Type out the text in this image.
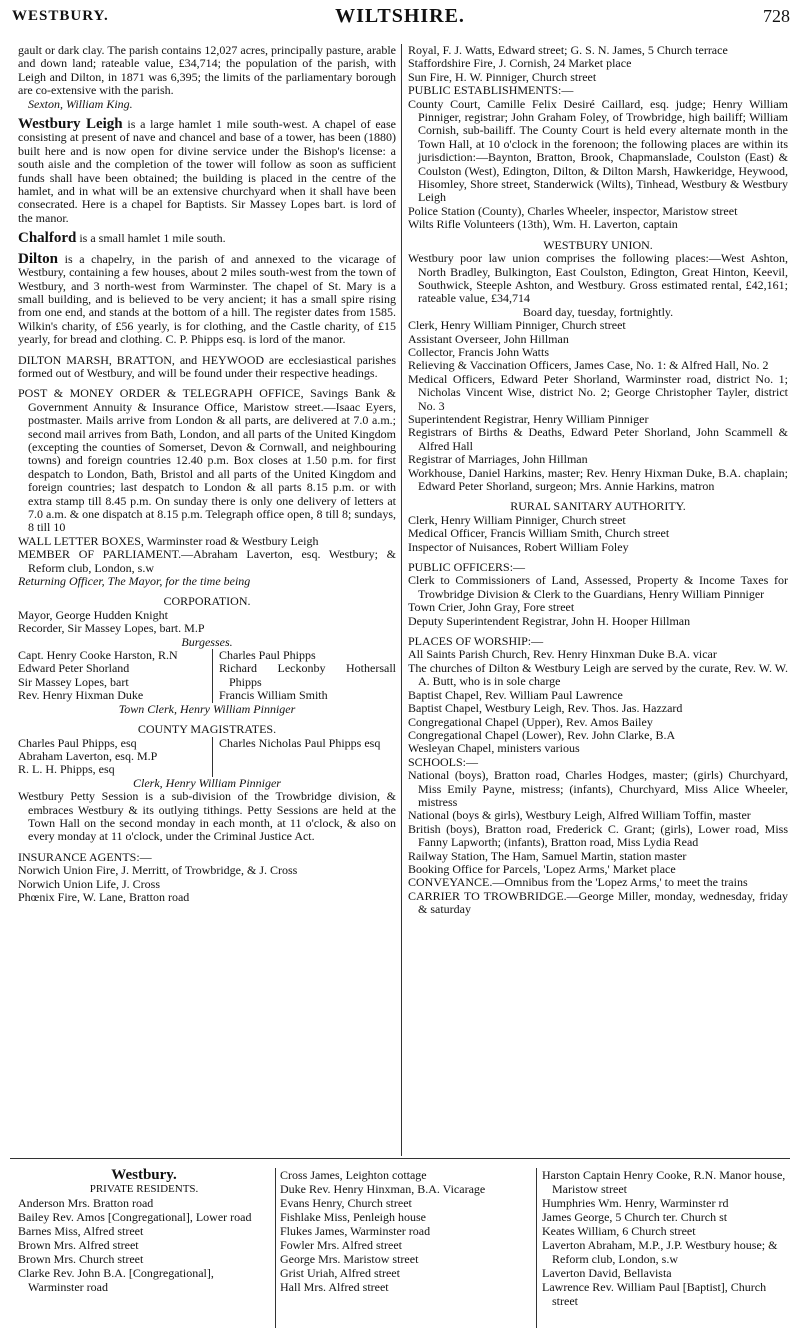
WESTBURY.	WILTSHIRE.	728

gault or dark clay. The parish contains 12,027 acres, principally pasture, arable and down land; rateable value, £34,714; the population of the parish, with Leigh and Dilton, in 1871 was 6,395; the limits of the parliamentary borough are co-extensive with the parish.

Sexton, William King.

Westbury Leigh is a large hamlet 1 mile south-west. A chapel of ease consisting at present of nave and chancel and base of a tower, has been (1880) built here and is now open for divine service under the Bishop's license: a south aisle and the completion of the tower will follow as soon as sufficient funds shall have been obtained; the building is placed in the centre of the hamlet, and in what will be an extensive churchyard when it shall have been consecrated. Here is a chapel for Baptists. Sir Massey Lopes bart. is lord of the manor.

Chalford is a small hamlet 1 mile south.

Dilton is a chapelry, in the parish of and annexed to the vicarage of Westbury, containing a few houses, about 2 miles south-west from the town of Westbury, and 3 north-west from Warminster. The chapel of St. Mary is a small building, and is believed to be very ancient; it has a small spire rising from one end, and stands at the bottom of a hill. The register dates from 1585. Wilkin's charity, of £56 yearly, is for clothing, and the Castle charity, of £15 yearly, for bread and clothing. C. P. Phipps esq. is lord of the manor.

DILTON MARSH, BRATTON, and HEYWOOD are ecclesiastical parishes formed out of Westbury, and will be found under their respective headings.

POST & MONEY ORDER & TELEGRAPH OFFICE, Savings Bank & Government Annuity & Insurance Office, Maristow street.—Isaac Eyers, postmaster. Mails arrive from London & all parts, are delivered at 7.0 a.m.; second mail arrives from Bath, London, and all parts of the United Kingdom (excepting the counties of Somerset, Devon & Cornwall, and neighbouring towns) and foreign countries 12.40 p.m. Box closes at 1.50 p.m. for first despatch to London, Bath, Bristol and all parts of the United Kingdom and foreign countries; last despatch to London & all parts 8.15 p.m. or with extra stamp till 8.45 p.m. On sunday there is only one delivery of letters at 7.0 a.m. & one dispatch at 8.15 p.m. Telegraph office open, 8 till 8; sundays, 8 till 10

WALL LETTER BOXES, Warminster road & Westbury Leigh

MEMBER OF PARLIAMENT.—Abraham Laverton, esq. Westbury; & Reform club, London, s.w

Returning Officer, The Mayor, for the time being

CORPORATION.

Mayor, George Hudden Knight

Recorder, Sir Massey Lopes, bart. M.P

Burgesses.

Capt. Henry Cooke Harston, R.N

Edward Peter Shorland

Sir Massey Lopes, bart

Rev. Henry Hixman Duke

Charles Paul Phipps

Richard Leckonby Hothersall Phipps

Francis William Smith

Town Clerk, Henry William Pinniger

COUNTY MAGISTRATES.

Charles Paul Phipps, esq

Abraham Laverton, esq. M.P

R. L. H. Phipps, esq

Charles Nicholas Paul Phipps esq

Clerk, Henry William Pinniger

Westbury Petty Session is a sub-division of the Trowbridge division, & embraces Westbury & its outlying tithings. Petty Sessions are held at the Town Hall on the second monday in each month, at 11 o'clock, & also on every monday at 11 o'clock, under the Criminal Justice Act.

INSURANCE AGENTS:—

Norwich Union Fire, J. Merritt, of Trowbridge, & J. Cross

Norwich Union Life, J. Cross

Phœnix Fire, W. Lane, Bratton road

Royal, F. J. Watts, Edward street; G. S. N. James, 5 Church terrace

Staffordshire Fire, J. Cornish, 24 Market place

Sun Fire, H. W. Pinniger, Church street

PUBLIC ESTABLISHMENTS:—

County Court, Camille Felix Desiré Caillard, esq. judge; Henry William Pinniger, registrar; John Graham Foley, of Trowbridge, high bailiff; William Cornish, sub-bailiff. The County Court is held every alternate month in the Town Hall, at 10 o'clock in the forenoon; the following places are within its jurisdiction:—Baynton, Bratton, Brook, Chapmanslade, Coulston (East) & Coulston (West), Edington, Dilton, & Dilton Marsh, Hawkeridge, Heywood, Hisomley, Shore street, Standerwick (Wilts), Tinhead, Westbury & Westbury Leigh

Police Station (County), Charles Wheeler, inspector, Maristow street

Wilts Rifle Volunteers (13th), Wm. H. Laverton, captain

WESTBURY UNION.

Westbury poor law union comprises the following places:—West Ashton, North Bradley, Bulkington, East Coulston, Edington, Great Hinton, Keevil, Southwick, Steeple Ashton, and Westbury. Gross estimated rental, £42,161; rateable value, £34,714

Board day, tuesday, fortnightly.

Clerk, Henry William Pinniger, Church street

Assistant Overseer, John Hillman

Collector, Francis John Watts

Relieving & Vaccination Officers, James Case, No. 1: & Alfred Hall, No. 2

Medical Officers, Edward Peter Shorland, Warminster road, district No. 1; Nicholas Vincent Wise, district No. 2; George Christopher Tayler, district No. 3

Superintendent Registrar, Henry William Pinniger

Registrars of Births & Deaths, Edward Peter Shorland, John Scammell & Alfred Hall

Registrar of Marriages, John Hillman

Workhouse, Daniel Harkins, master; Rev. Henry Hixman Duke, B.A. chaplain; Edward Peter Shorland, surgeon; Mrs. Annie Harkins, matron

RURAL SANITARY AUTHORITY.

Clerk, Henry William Pinniger, Church street

Medical Officer, Francis William Smith, Church street

Inspector of Nuisances, Robert William Foley

PUBLIC OFFICERS:—

Clerk to Commissioners of Land, Assessed, Property & Income Taxes for Trowbridge Division & Clerk to the Guardians, Henry William Pinniger

Town Crier, John Gray, Fore street

Deputy Superintendent Registrar, John H. Hooper Hillman

PLACES OF WORSHIP:—

All Saints Parish Church, Rev. Henry Hinxman Duke B.A. vicar

The churches of Dilton & Westbury Leigh are served by the curate, Rev. W. W. A. Butt, who is in sole charge

Baptist Chapel, Rev. William Paul Lawrence

Baptist Chapel, Westbury Leigh, Rev. Thos. Jas. Hazzard

Congregational Chapel (Upper), Rev. Amos Bailey

Congregational Chapel (Lower), Rev. John Clarke, B.A

Wesleyan Chapel, ministers various

SCHOOLS:—

National (boys), Bratton road, Charles Hodges, master; (girls) Churchyard, Miss Emily Payne, mistress; (infants), Churchyard, Miss Alice Wheeler, mistress

National (boys & girls), Westbury Leigh, Alfred William Toffin, master

British (boys), Bratton road, Frederick C. Grant; (girls), Lower road, Miss Fanny Lapworth; (infants), Bratton road, Miss Lydia Read

Railway Station, The Ham, Samuel Martin, station master

Booking Office for Parcels, 'Lopez Arms,' Market place

CONVEYANCE.—Omnibus from the 'Lopez Arms,' to meet the trains

CARRIER TO TROWBRIDGE.—George Miller, monday, wednesday, friday & saturday

Westbury.

PRIVATE RESIDENTS.

Anderson Mrs. Bratton road

Bailey Rev. Amos [Congregational], Lower road

Barnes Miss, Alfred street

Brown Mrs. Alfred street

Brown Mrs. Church street

Clarke Rev. John B.A. [Congregational], Warminster road

Cross James, Leighton cottage

Duke Rev. Henry Hinxman, B.A. Vicarage

Evans Henry, Church street

Fishlake Miss, Penleigh house

Flukes James, Warminster road

Fowler Mrs. Alfred street

George Mrs. Maristow street

Grist Uriah, Alfred street

Hall Mrs. Alfred street

Harston Captain Henry Cooke, R.N. Manor house, Maristow street

Humphries Wm. Henry, Warminster rd

James George, 5 Church ter. Church st

Keates William, 6 Church street

Laverton Abraham, M.P., J.P. Westbury house; & Reform club, London, s.w

Laverton David, Bellavista

Lawrence Rev. William Paul [Baptist], Church street
